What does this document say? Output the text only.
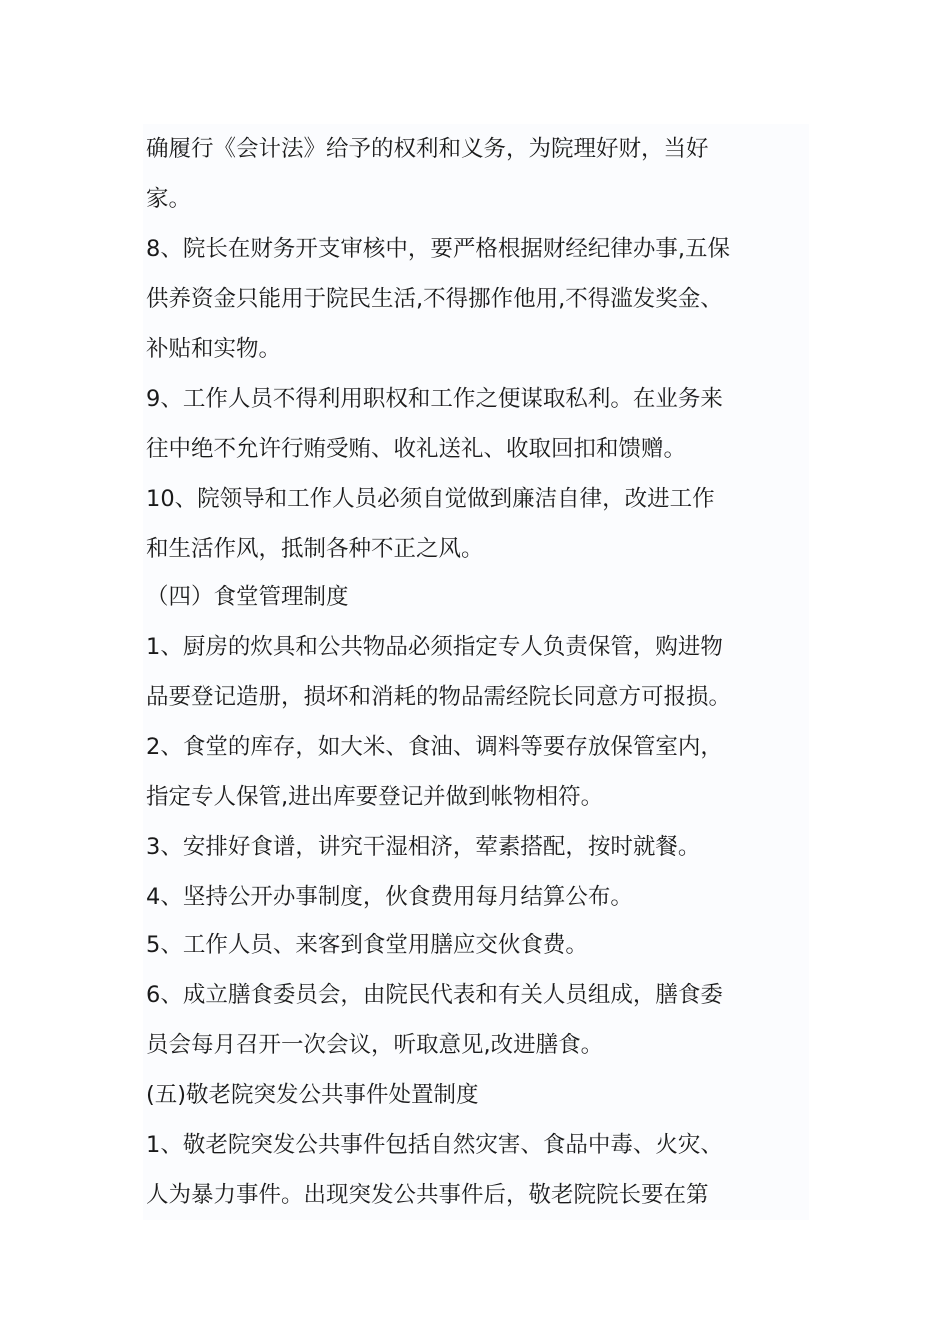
确履行《会计法》给予的权利和义务，为院理好财，当好
家。
8、院长在财务开支审核中，要严格根据财经纪律办事,五保
供养资金只能用于院民生活,不得挪作他用,不得滥发奖金、
补贴和实物。
9、工作人员不得利用职权和工作之便谋取私利。在业务来
往中绝不允许行贿受贿、收礼送礼、收取回扣和馈赠。
10、院领导和工作人员必须自觉做到廉洁自律，改进工作
和生活作风，抵制各种不正之风。
（四）食堂管理制度
1、厨房的炊具和公共物品必须指定专人负责保管，购进物
品要登记造册，损坏和消耗的物品需经院长同意方可报损。
2、食堂的库存，如大米、食油、调料等要存放保管室内，
指定专人保管,进出库要登记并做到帐物相符。
3、安排好食谱，讲究干湿相济，荤素搭配，按时就餐。
4、坚持公开办事制度，伙食费用每月结算公布。
5、工作人员、来客到食堂用膳应交伙食费。
6、成立膳食委员会，由院民代表和有关人员组成，膳食委
员会每月召开一次会议，听取意见,改进膳食。
(五)敬老院突发公共事件处置制度
1、敬老院突发公共事件包括自然灾害、食品中毒、火灾、
人为暴力事件。出现突发公共事件后，敬老院院长要在第
